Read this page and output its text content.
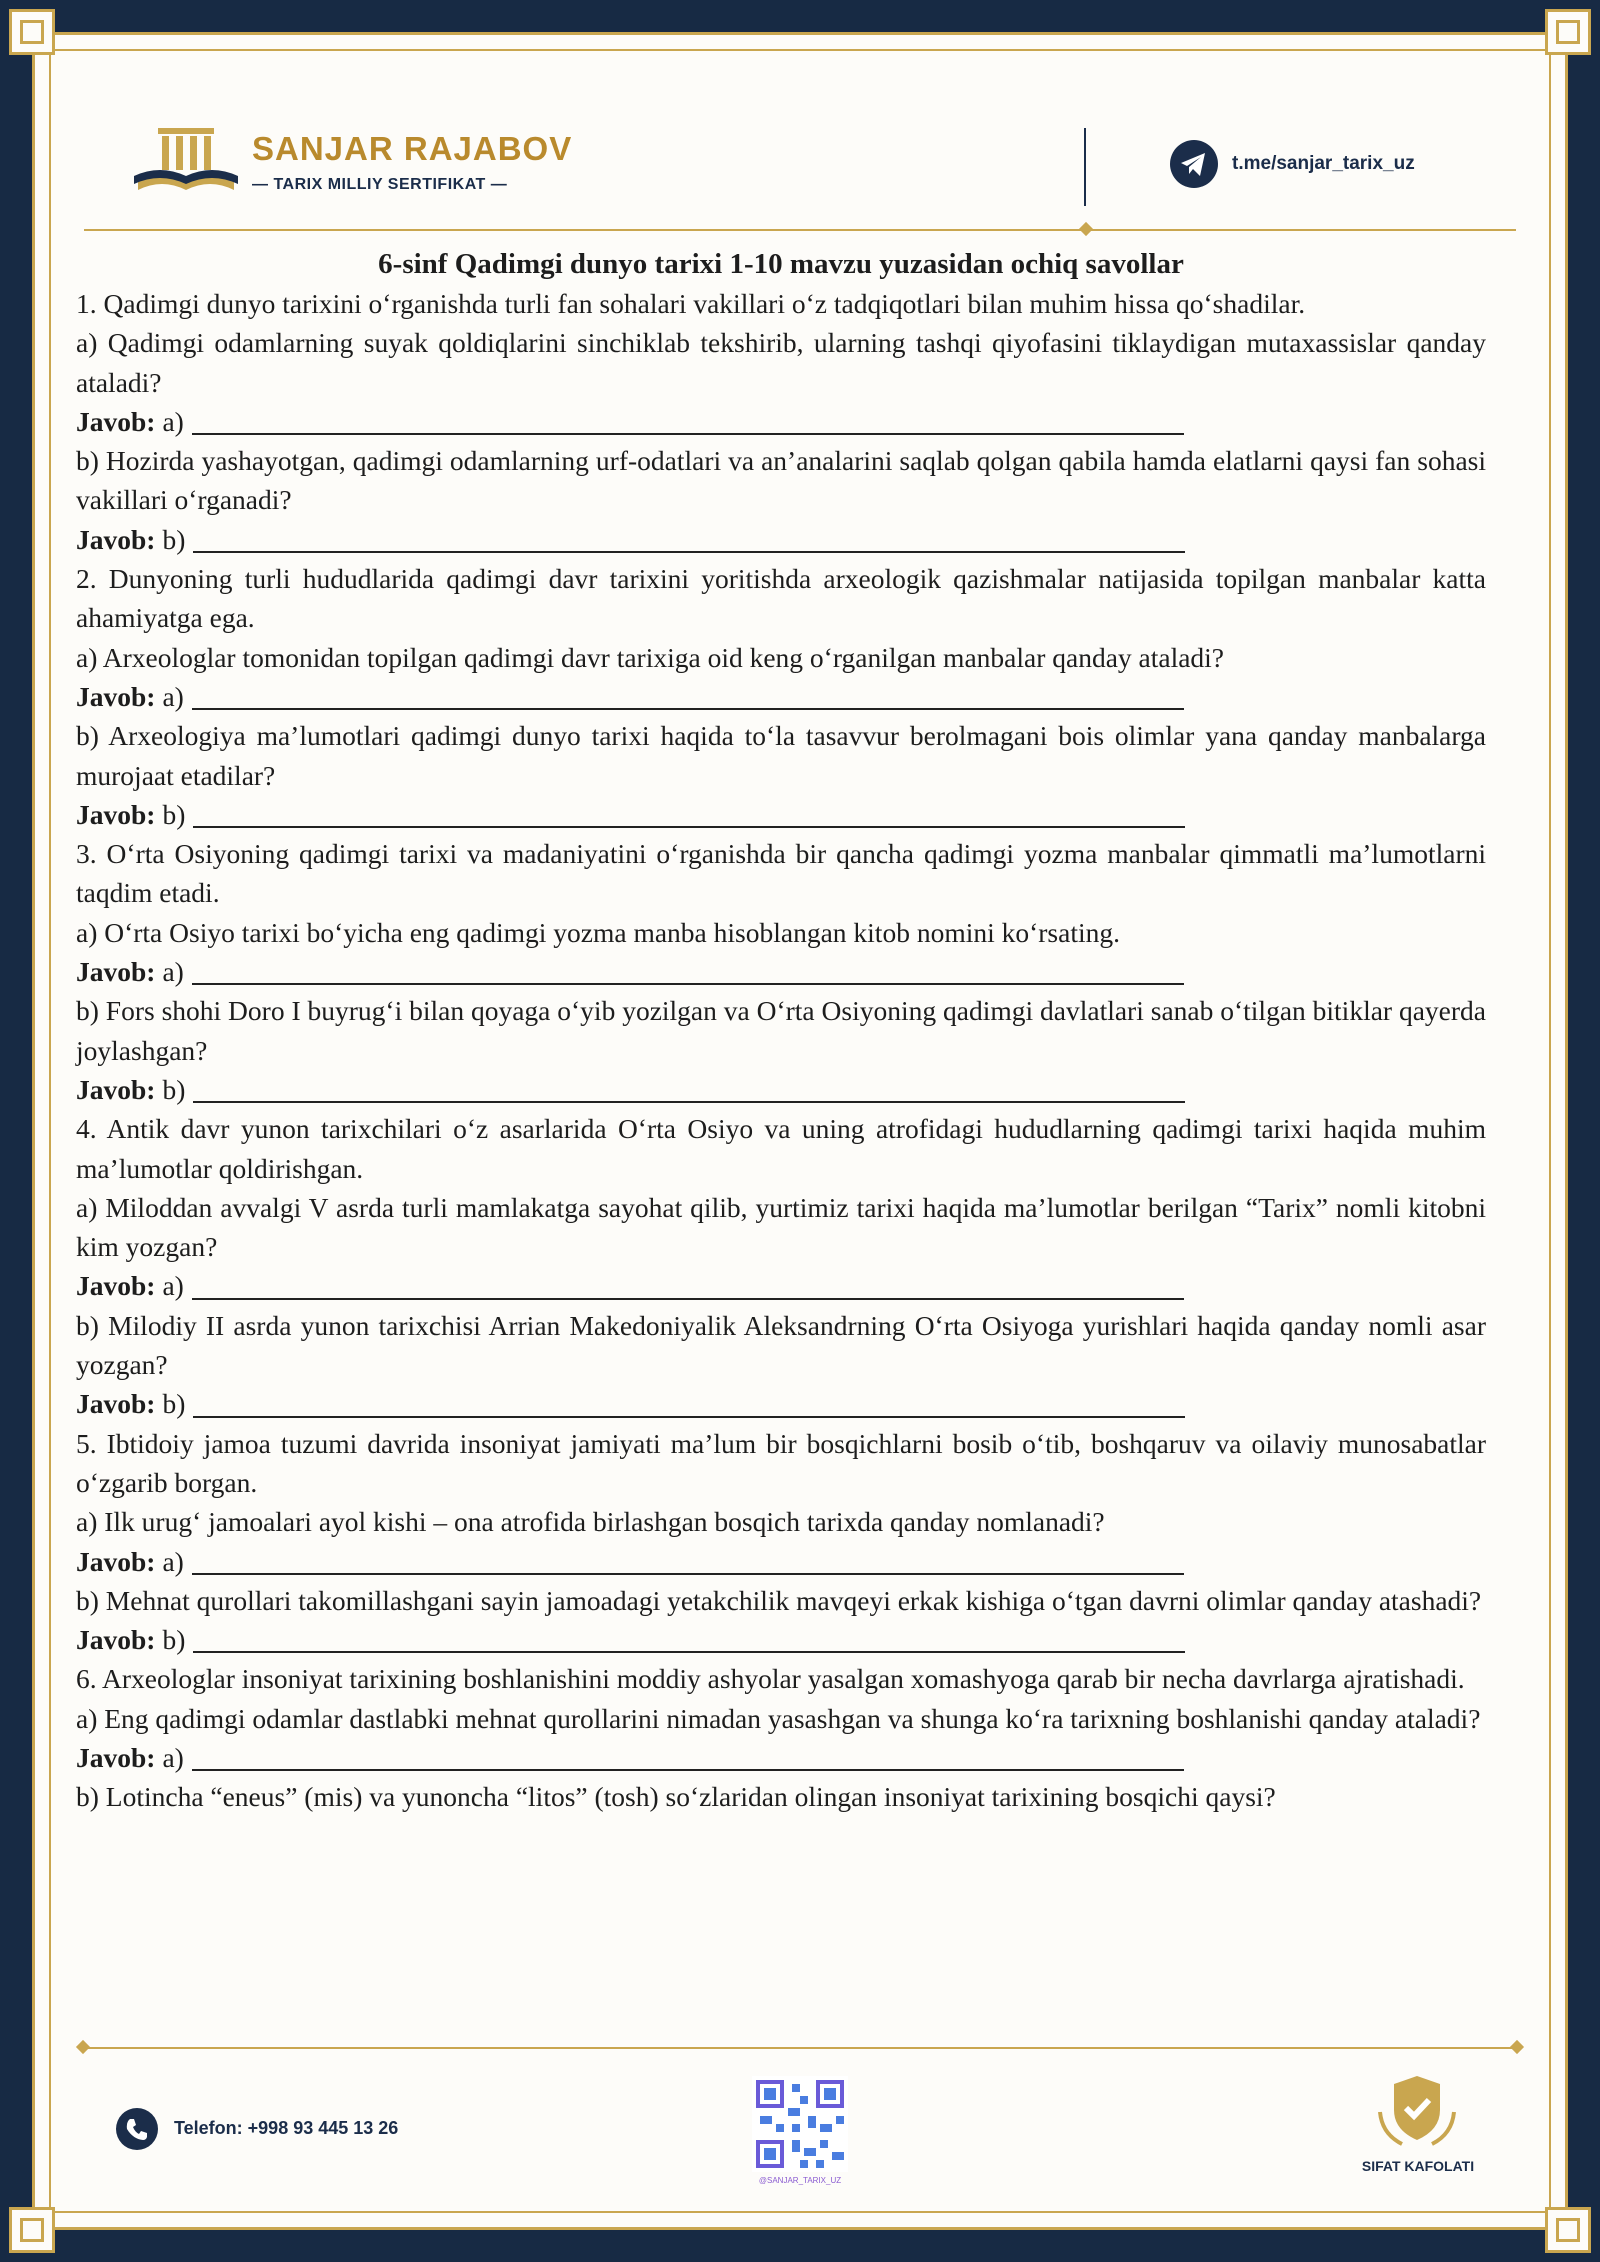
SANJAR RAJABOV
— TARIX MILLIY SERTIFIKAT —
t.me/sanjar_tarix_uz
6-sinf Qadimgi dunyo tarixi 1-10 mavzu yuzasidan ochiq savollar
1. Qadimgi dunyo tarixini o‘rganishda turli fan sohalari vakillari o‘z tadqiqotlari bilan muhim hissa qo‘shadilar.
a) Qadimgi odamlarning suyak qoldiqlarini sinchiklab tekshirib, ularning tashqi qiyofasini tiklaydigan mutaxassislar qanday ataladi?
Javob: a)
b) Hozirda yashayotgan, qadimgi odamlarning urf-odatlari va an’analarini saqlab qolgan qabila hamda elatlarni qaysi fan sohasi vakillari o‘rganadi?
Javob: b)
2. Dunyoning turli hududlarida qadimgi davr tarixini yoritishda arxeologik qazishmalar natijasida topilgan manbalar katta ahamiyatga ega.
a) Arxeologlar tomonidan topilgan qadimgi davr tarixiga oid keng o‘rganilgan manbalar qanday ataladi?
Javob: a)
b) Arxeologiya ma’lumotlari qadimgi dunyo tarixi haqida to‘la tasavvur berolmagani bois olimlar yana qanday manbalarga murojaat etadilar?
Javob: b)
3. O‘rta Osiyoning qadimgi tarixi va madaniyatini o‘rganishda bir qancha qadimgi yozma manbalar qimmatli ma’lumotlarni taqdim etadi.
a) O‘rta Osiyo tarixi bo‘yicha eng qadimgi yozma manba hisoblangan kitob nomini ko‘rsating.
Javob: a)
b) Fors shohi Doro I buyrug‘i bilan qoyaga o‘yib yozilgan va O‘rta Osiyoning qadimgi davlatlari sanab o‘tilgan bitiklar qayerda joylashgan?
Javob: b)
4. Antik davr yunon tarixchilari o‘z asarlarida O‘rta Osiyo va uning atrofidagi hududlarning qadimgi tarixi haqida muhim ma’lumotlar qoldirishgan.
a) Miloddan avvalgi V asrda turli mamlakatga sayohat qilib, yurtimiz tarixi haqida ma’lumotlar berilgan “Tarix” nomli kitobni kim yozgan?
Javob: a)
b) Milodiy II asrda yunon tarixchisi Arrian Makedoniyalik Aleksandrning O‘rta Osiyoga yurishlari haqida qanday nomli asar yozgan?
Javob: b)
5. Ibtidoiy jamoa tuzumi davrida insoniyat jamiyati ma’lum bir bosqichlarni bosib o‘tib, boshqaruv va oilaviy munosabatlar o‘zgarib borgan.
a) Ilk urug‘ jamoalari ayol kishi – ona atrofida birlashgan bosqich tarixda qanday nomlanadi?
Javob: a)
b) Mehnat qurollari takomillashgani sayin jamoadagi yetakchilik mavqeyi erkak kishiga o‘tgan davrni olimlar qanday atashadi?
Javob: b)
6. Arxeologlar insoniyat tarixining boshlanishini moddiy ashyolar yasalgan xomashyoga qarab bir necha davrlarga ajratishadi.
a) Eng qadimgi odamlar dastlabki mehnat qurollarini nimadan yasashgan va shunga ko‘ra tarixning boshlanishi qanday ataladi?
Javob: a)
b) Lotincha “eneus” (mis) va yunoncha “litos” (tosh) so‘zlaridan olingan insoniyat tarixining bosqichi qaysi?
Telefon: +998 93 445 13 26
@SANJAR_TARIX_UZ
SIFAT KAFOLATI
